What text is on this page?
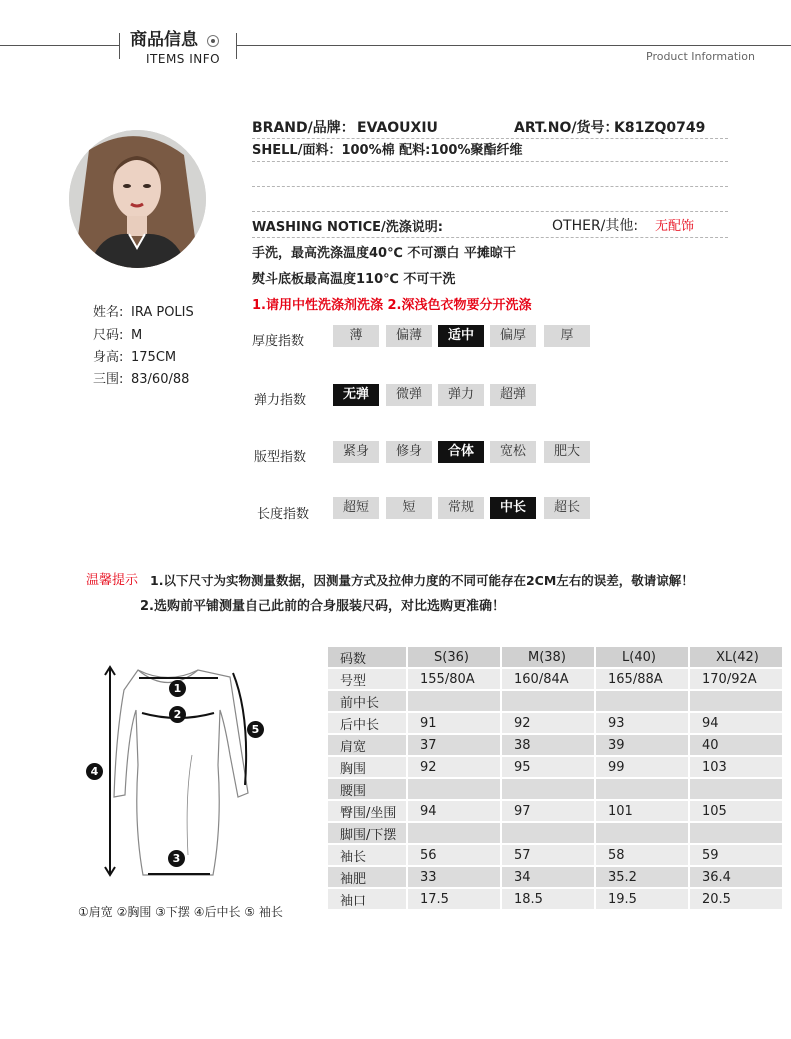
商品信息
ITEMS INFO	Product Information
姓名: IRA POLIS
尺码: M
身高: 175CM
三围: 83/60/88
BRAND/品牌： EVAOUXIU	ART.NO/货号：
K81ZQ0749
SHELL/面料：100%棉 配料:100%聚酯纤维
WASHING NOTICE/洗涤说明:	OTHER/其他: 无配饰
手洗，最高洗涤温度40℃ 不可漂白 平摊晾干
熨斗底板最高温度110℃ 不可干洗
1.请用中性洗涤剂洗涤 2.深浅色衣物要分开洗涤
厚度指数	薄	偏薄	适中	偏厚	厚
弹力指数	无弹	微弹	弹力	超弹
版型指数	紧身	修身	合体	宽松	肥大
长度指数	超短	短	常规	中长	超长
温馨提示 1.以下尺寸为实物测量数据，因测量方式及拉伸力度的不同可能存在2CM左右的误差，敬请谅解！
2.选购前平铺测量自己此前的合身服装尺码，对比选购更准确！
1
2
3
4
5
①肩宽 ②胸围 ③下摆 ④后中长 ⑤ 袖长
码数	S(36)	M(38)	L(40)	XL(42)
号型	155/80A	160/84A	165/88A	170/92A
前中长				
后中长	91	92	93	94
肩宽	37	38	39	40
胸围	92	95	99	103
腰围				
臀围/坐围	94	97	101	105
脚围/下摆				
袖长	56	57	58	59
袖肥	33	34	35.2	36.4
袖口	17.5	18.5	19.5	20.5
